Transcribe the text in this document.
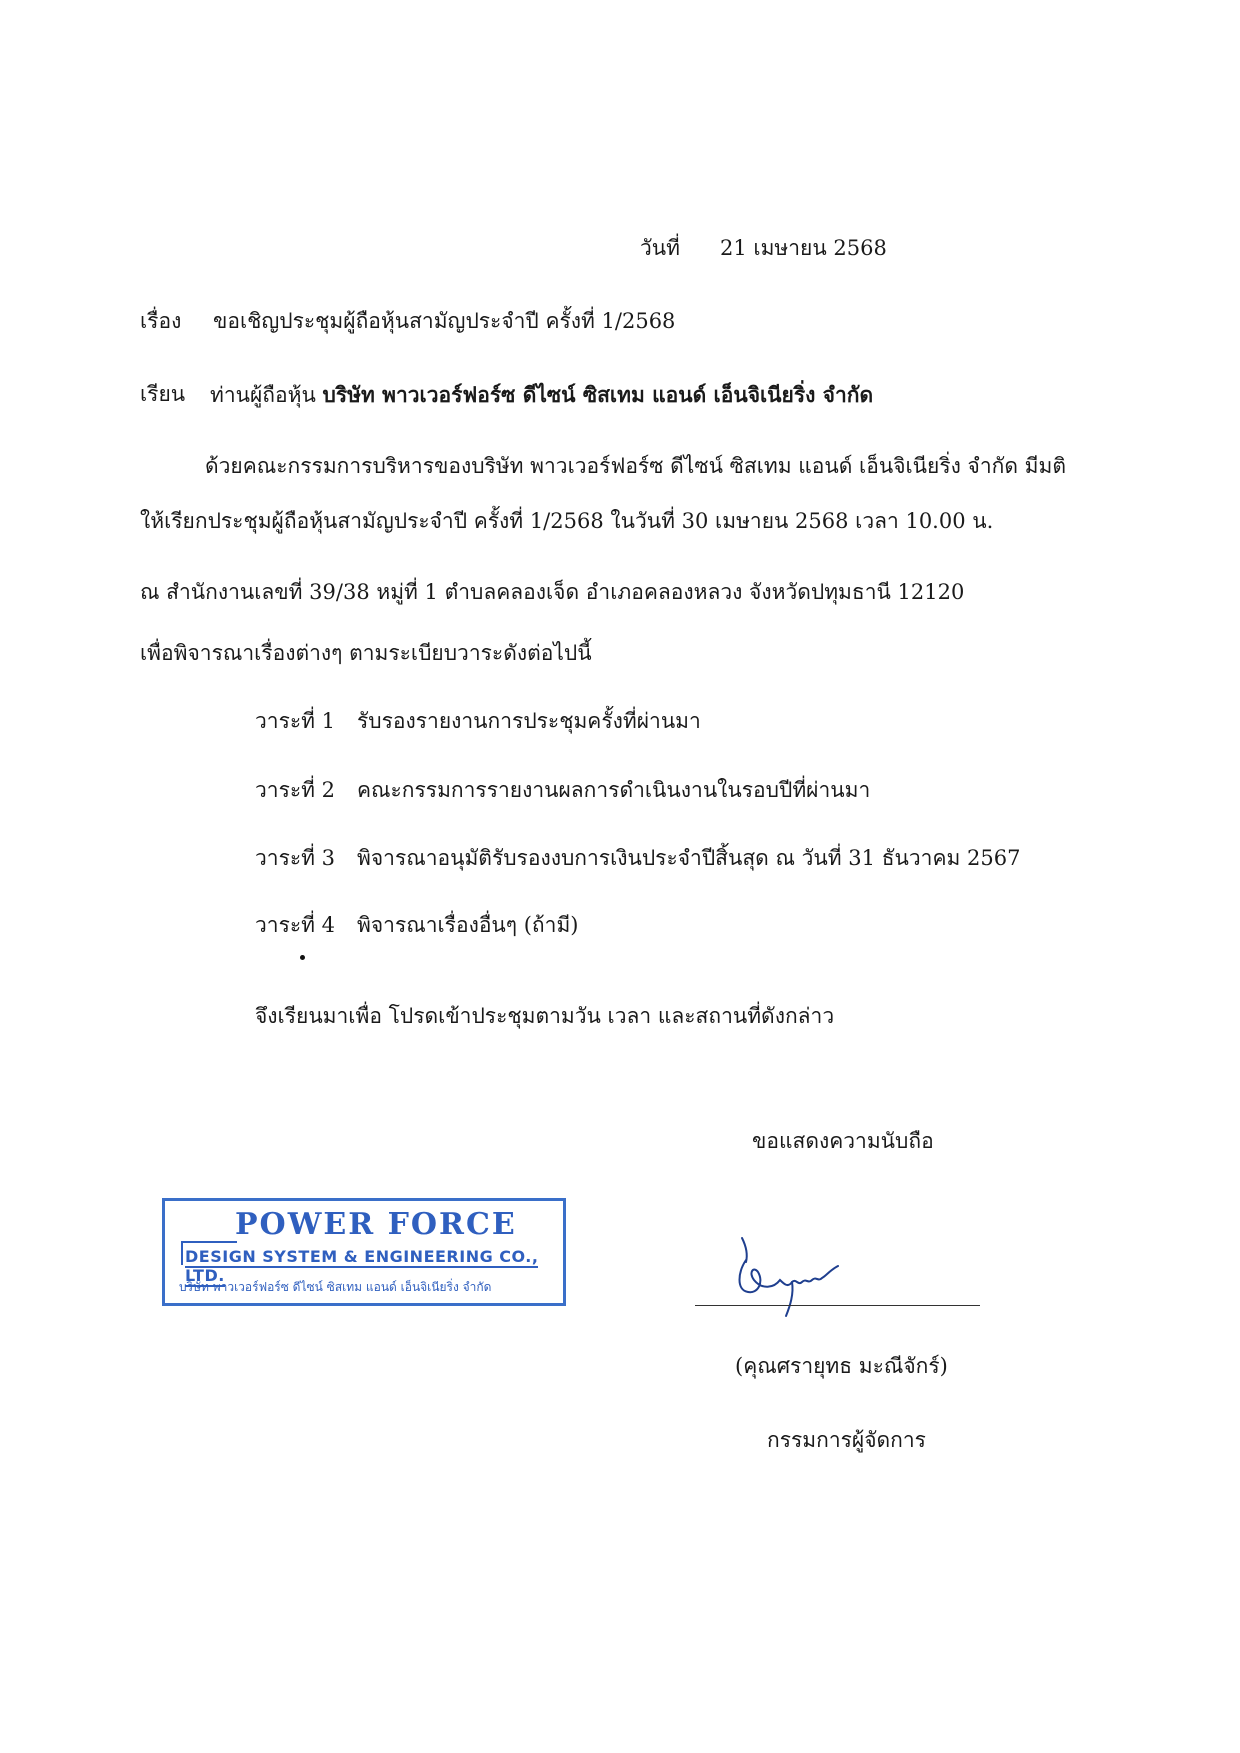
วันที่ 21 เมษายน 2568
เรื่อง ขอเชิญประชุมผู้ถือหุ้นสามัญประจำปี ครั้งที่ 1/2568
เรียน ท่านผู้ถือหุ้น บริษัท พาวเวอร์ฟอร์ซ ดีไซน์ ซิสเทม แอนด์ เอ็นจิเนียริ่ง จำกัด
ด้วยคณะกรรมการบริหารของบริษัท พาวเวอร์ฟอร์ซ ดีไซน์ ซิสเทม แอนด์ เอ็นจิเนียริ่ง จำกัด มีมติ
ให้เรียกประชุมผู้ถือหุ้นสามัญประจำปี ครั้งที่ 1/2568 ในวันที่ 30 เมษายน 2568 เวลา 10.00 น.
ณ สำนักงานเลขที่ 39/38 หมู่ที่ 1 ตำบลคลองเจ็ด อำเภอคลองหลวง จังหวัดปทุมธานี 12120
เพื่อพิจารณาเรื่องต่างๆ ตามระเบียบวาระดังต่อไปนี้
วาระที่ 1 รับรองรายงานการประชุมครั้งที่ผ่านมา
วาระที่ 2 คณะกรรมการรายงานผลการดำเนินงานในรอบปีที่ผ่านมา
วาระที่ 3 พิจารณาอนุมัติรับรองงบการเงินประจำปีสิ้นสุด ณ วันที่ 31 ธันวาคม 2567
วาระที่ 4 พิจารณาเรื่องอื่นๆ (ถ้ามี)
จึงเรียนมาเพื่อ โปรดเข้าประชุมตามวัน เวลา และสถานที่ดังกล่าว
ขอแสดงความนับถือ
POWER FORCE
DESIGN SYSTEM & ENGINEERING CO., LTD.
บริษัท พาวเวอร์ฟอร์ซ ดีไซน์ ซิสเทม แอนด์ เอ็นจิเนียริ่ง จำกัด
(คุณศรายุทธ มะณีจักร์)
กรรมการผู้จัดการ
